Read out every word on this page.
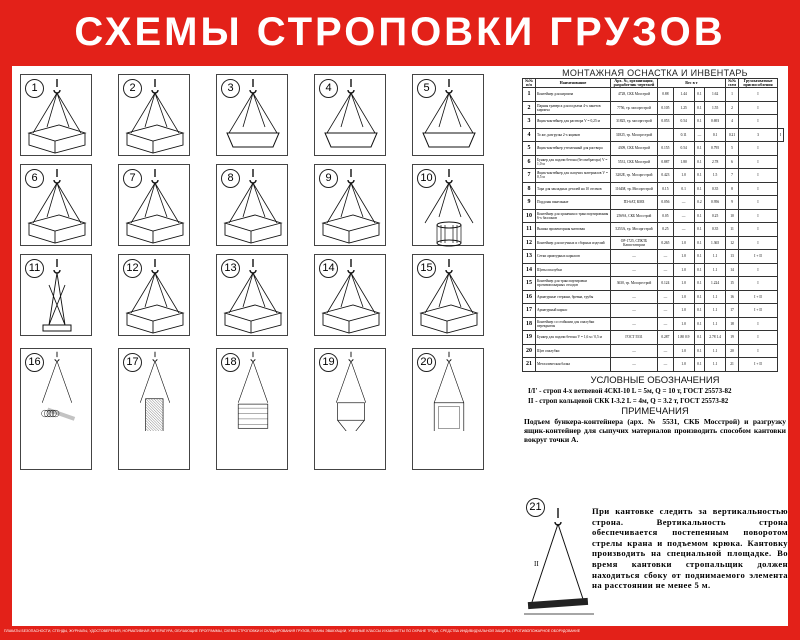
СХЕМЫ СТРОПОВКИ ГРУЗОВ
1	2	3	4	5
6	7	8	9	10
11	12	13	14	15
16	17	18	19	20
МОНТАЖНАЯ ОСНАСТКА И ИНВЕНТАРЬ
№№ п/п	Наименование	Арх. №, организация, разработчик чертежей	Вес в т				№№ схем	Грузозахватные приспособления	
1	Контейнер для кирпича	4728, СКБ Мосстрой	0.88	1.44	0.1	1.62	1	I	
2	Парная траверса для подъема 4-х пакетов кирпича	7756, тр. мосоргстрой	0.105	1.25	0.1	1.55	2	I	
3	Ящик-контейнер для раствора V = 0,25 м	31825, тр. мосоргстрой	0.053	0.54	0.1	0.693	4	I	
4	То же, разгрузка 2-х ящиков	31825, тр. Мосоргстрой		0.11	—	0.1	0.21	3	I
5	Ящик-контейнер утепленный для раствора	4309, СКБ Мосстрой	0.155	0.54	0.1	0.795	5	I	
6	Бункер для подачи бетона (без вибратора) V = 1,0 м	5531, СКБ Мосстрой	0.887	1.80	0.1	2.78	6	I	
7	Ящик-контейнер для сыпучих материалов V = 0,5 м	3202Е, тр. Мосоргстрой	0.423	1.0	0.1	1.5	7	I	
8	Тара для закладных деталей на 10 отсеков	1164М, тр. Мосоргстрой	0.15	0.1	0.1	0.35	8	I	
9	Поддоны панельные	П3-6АТ, КМЗ	0.056	—	0.2	0.956	9	I	
10	Контейнер для хранения и транспортирования 6-х баллонов	2569А, СКБ Мосстрой	0.05	—	0.1	0.25	10	I	
11	Вышка прожекторная мачтовая	5253А, тр. Мосоргстрой	0.25	—	0.1	0.35	11	I	
12	Контейнер для штучных и сборных изделий	ОР-1725, СПКТБ Каппстатпром	0.265	1.0	0.1	1.365	12	I	
13	Сетки арматурных каркасов	—	—	1.0	0.1	1.1	13	I + II	
14	Щиты опалубки	—	—	1.0	0.1	1.1	14	I	
15	Контейнер для транспортировки противопожарных отходов	3630, тр. Мосоргстрой	0.124	1.0	0.1	1.224	15	I	
16	Арматурные стержни, бревна, трубы	—	—	1.0	0.1	1.1	16	I + II	
17	Арматурный каркас	—	—	1.0	0.1	1.1	17	I + II	
18	Контейнер со стойками для опалубки перекрытия	—	—	1.0	0.1	1.1	18	I	
19	Бункер для подачи бетона V = 1,6 м / 0,5 м	ГОСТ 5531	0.287	1.80 0.9	0.1	2.78 1.4	19	I	
20	Щит опалубки	—	—	1.0	0.1	1.1	20	I	
21	Металлическая балка	—	—	1.0	0.1	1.1	21	I + II	
УСЛОВНЫЕ ОБОЗНАЧЕНИЯ
I/I' - строп 4-х ветвевой 4СКI-10 L = 5м, Q = 10 т, ГОСТ 25573-82
II - строп кольцевой СКК I-3.2 L = 4м, Q = 3.2 т, ГОСТ 25573-82
ПРИМЕЧАНИЯ
Подъем бункера-контейнера (арх. № 5531, СКБ Мосстрой) и разгрузку ящик-контейнер для сыпучих материалов производить способом кантовки вокруг точки А.
21
II
При кантовке следить за вертикальностью строна. Вертикальность строна обеспечивается постепенным поворотом стрелы крана и подъемом крюка. Кантовку производить на специальной площадке. Во время кантовки стропальщик должен находиться сбоку от поднимаемого элемента на расстоянии не менее 5 м.
ПЛАКАТЫ БЕЗОПАСНОСТИ, СТЕНДЫ, ЖУРНАЛЫ, УДОСТОВЕРЕНИЯ, НОРМАТИВНАЯ ЛИТЕРАТУРА, ОБУЧАЮЩИЕ ПРОГРАММЫ, СХЕМЫ СТРОПОВКИ И СКЛАДИРОВАНИЯ ГРУЗОВ, ПЛАНЫ ЭВАКУАЦИИ, УЧЕБНЫЕ КЛАССЫ И КАБИНЕТЫ ПО ОХРАНЕ ТРУДА, СРЕДСТВА ИНДИВИДУАЛЬНОЙ ЗАЩИТЫ, ПРОТИВОПОЖАРНОЕ ОБОРУДОВАНИЕ
